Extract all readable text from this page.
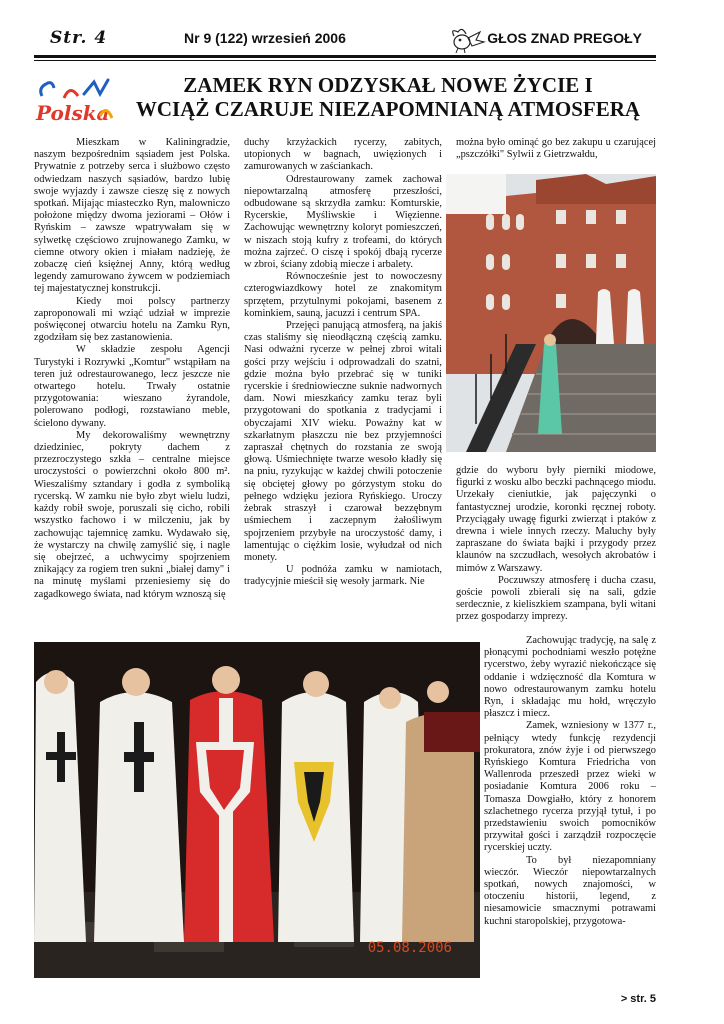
Str. 4	Nr 9 (122) wrzesień 2006	GŁOS ZNAD PREGOŁY
Polska
ZAMEK RYN ODZYSKAŁ NOWE ŻYCIE I
WCIĄŻ CZARUJE NIEZAPOMNIANĄ ATMOSFERĄ

Mieszkam w Kaliningradzie, naszym bezpośrednim sąsiadem jest Polska. Prywatnie z potrzeby serca i służbowo często odwiedzam naszych sąsiadów, bardzo lubię swoje wyjazdy i zawsze cieszę się z nowych spotkań. Mijając miasteczko Ryn, malowniczo położone między dwoma jeziorami – Ołów i Ryńskim – zawsze wpatrywałam się w sylwetkę częściowo zrujnowanego Zamku, w ciemne otwory okien i miałam nadzieję, że zobaczę cień księżnej Anny, którą według legendy zamurowano żywcem w podziemiach tej majestatycznej konstrukcji.

Kiedy moi polscy partnerzy zaproponowali mi wziąć udział w imprezie poświęconej otwarciu hotelu na Zamku Ryn, zgodziłam się bez zastanowienia.

W składzie zespołu Agencji Turystyki i Rozrywki „Komtur" wstąpiłam na teren już odrestaurowanego, lecz jeszcze nie otwartego hotelu. Trwały ostatnie przygotowania: wieszano żyrandole, polerowano podłogi, rozstawiano meble, ścielono dywany.

My dekorowaliśmy wewnętrzny dziedziniec, pokryty dachem z przezroczystego szkła – centralne miejsce uroczystości o powierzchni około 800 m². Wieszaliśmy sztandary i godła z symboliką rycerską. W zamku nie było zbyt wielu ludzi, każdy robił swoje, poruszali się cicho, robili wszystko fachowo i w milczeniu, jak by zachowując tajemnicę zamku. Wydawało się, że wystarczy na chwilę zamyślić się, i nagle się obejrzeć, a uchwycimy spojrzeniem znikający za rogiem tren sukni „białej damy" i na minutę myślami przeniesiemy się do zagadkowego świata, nad którym wznoszą się

duchy krzyżackich rycerzy, zabitych, utopionych w bagnach, uwięzionych i zamurowanych w zaściankach.

Odrestaurowany zamek zachował niepowtarzalną atmosferę przeszłości, odbudowane są skrzydła zamku: Komturskie, Rycerskie, Myśliwskie i Więzienne. Zachowując wewnętrzny koloryt pomieszczeń, w niszach stoją kufry z trofeami, do których można zajrzeć. O ciszę i spokój dbają rycerze w zbroi, ściany zdobią miecze i arbalety.

Równocześnie jest to nowoczesny czterogwiazdkowy hotel ze znakomitym sprzętem, przytulnymi pokojami, basenem z kominkiem, sauną, jacuzzi i centrum SPA.

Przejęci panującą atmosferą, na jakiś czas staliśmy się nieodłączną częścią zamku. Nasi odważni rycerze w pełnej zbroi witali gości przy wejściu i odprowadzali do szatni, gdzie można było przebrać się w tuniki rycerskie i średniowieczne suknie nadwornych dam. Nowi mieszkańcy zamku teraz byli przygotowani do spotkania z tradycjami i obyczajami XIV wieku. Poważny kat w szkarłatnym płaszczu nie bez przyjemności zapraszał chętnych do rozstania ze swoją głową. Uśmiechnięte twarze wesoło kładły się na pniu, ryzykując w każdej chwili potoczenie się obciętej głowy po górzystym stoku do pełnego wdzięku jeziora Ryńskiego. Uroczy żebrak straszył i czarował bezzębnym uśmiechem i zaczepnym żałośliwym spojrzeniem przybyłe na uroczystość damy, i lamentując o ciężkim losie, wyłudzał od nich monety.

U podnóża zamku w namiotach, tradycyjnie mieścił się wesoły jarmark. Nie

można było ominąć go bez zakupu u czarującej „pszczółki" Sylwii z Gietrzwałdu,

gdzie do wyboru były pierniki miodowe, figurki z wosku albo beczki pachnącego miodu. Urzekały cieniutkie, jak pajęczynki o fantastycznej urodzie, koronki ręcznej roboty. Przyciągały uwagę figurki zwierząt i ptaków z drewna i wiele innych rzeczy. Maluchy były zapraszane do świata bajki i przygody przez klaunów na szczudłach, wesołych akrobatów i mimów z Warszawy.

Poczuwszy atmosferę i ducha czasu, goście powoli zbierali się na sali, gdzie serdecznie, z kieliszkiem szampana, byli witani przez gospodarzy imprezy.

05.08.2006

Zachowując tradycję, na salę z płonącymi pochodniami weszło potężne rycerstwo, żeby wyrazić niekończące się oddanie i wdzięczność dla Komtura w nowo odrestaurowanym zamku hotelu Ryn, i składając mu hołd, wręczyło płaszcz i miecz.

Zamek, wzniesiony w 1377 r., pełniący wtedy funkcję rezydencji prokuratora, znów żyje i od pierwszego Ryńskiego Komtura Friedricha von Wallenroda przeszedł przez wieki w posiadanie Komtura 2006 roku – Tomasza Dowgiałło, który z honorem szlachetnego rycerza przyjął tytuł, i po przedstawieniu swoich pomocników przywitał gości i zarządził rozpoczęcie rycerskiej uczty.

To był niezapomniany wieczór. Wieczór niepowtarzalnych spotkań, nowych znajomości, w otoczeniu historii, legend, z niesamowicie smacznymi potrawami kuchni staropolskiej, przygotowa-

> str. 5
